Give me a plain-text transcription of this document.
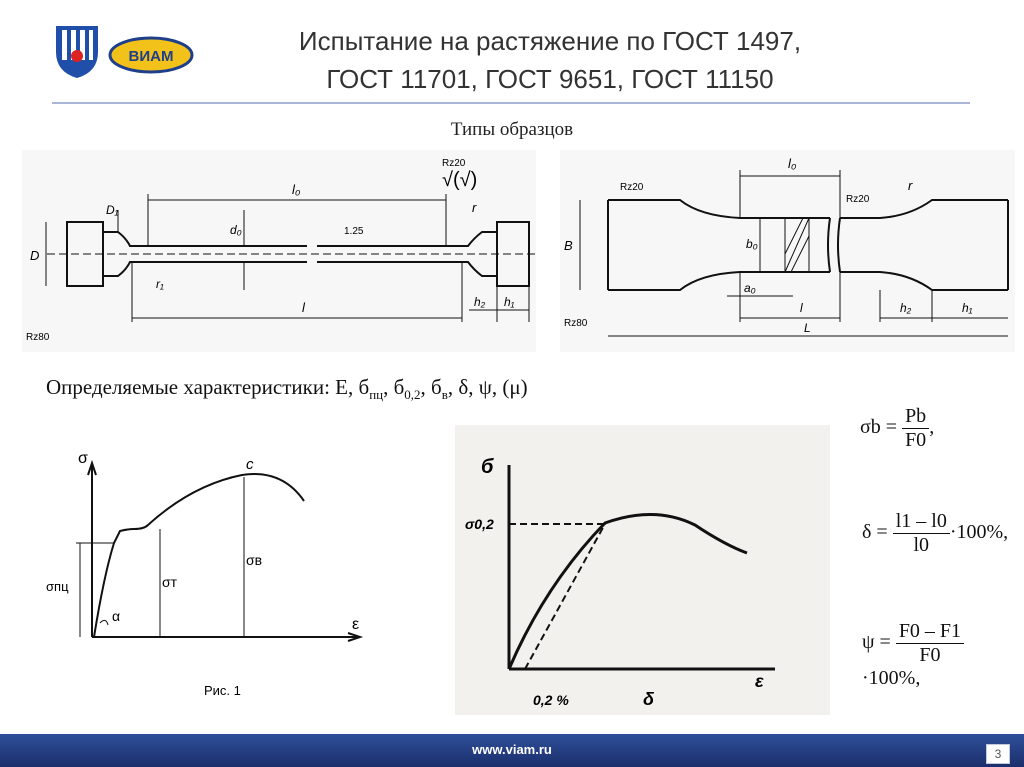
ВИАМ
Испытание на растяжение по ГОСТ 1497,
ГОСТ 11701, ГОСТ 9651, ГОСТ 11150
Типы образцов
l₀
Rz20
√(√)
D₁
d₀	1.25
r
D
r₁
l	h₂ h₁
Rz80
Rz20
l₀
Rz20
r
B	b₀
a₀
l	h₂	h₁
L
Rz80
Определяемые характеристики: Е, $б_{пц}$, $б_{0,2}$, $б_в$, δ, ψ, (μ)
σ
ε
с
σв
σт
σпц
α
Рис. 1
б
ε
δ
σ0,2
0,2 %
$\sigma b = \frac{Pb}{F0}$ ,
$\delta = \frac{l1 - l0}{l0} \cdot 100\%$,
$\psi = \frac{F0 - F1}{F0}$
·100%,
www.viam.ru	3
